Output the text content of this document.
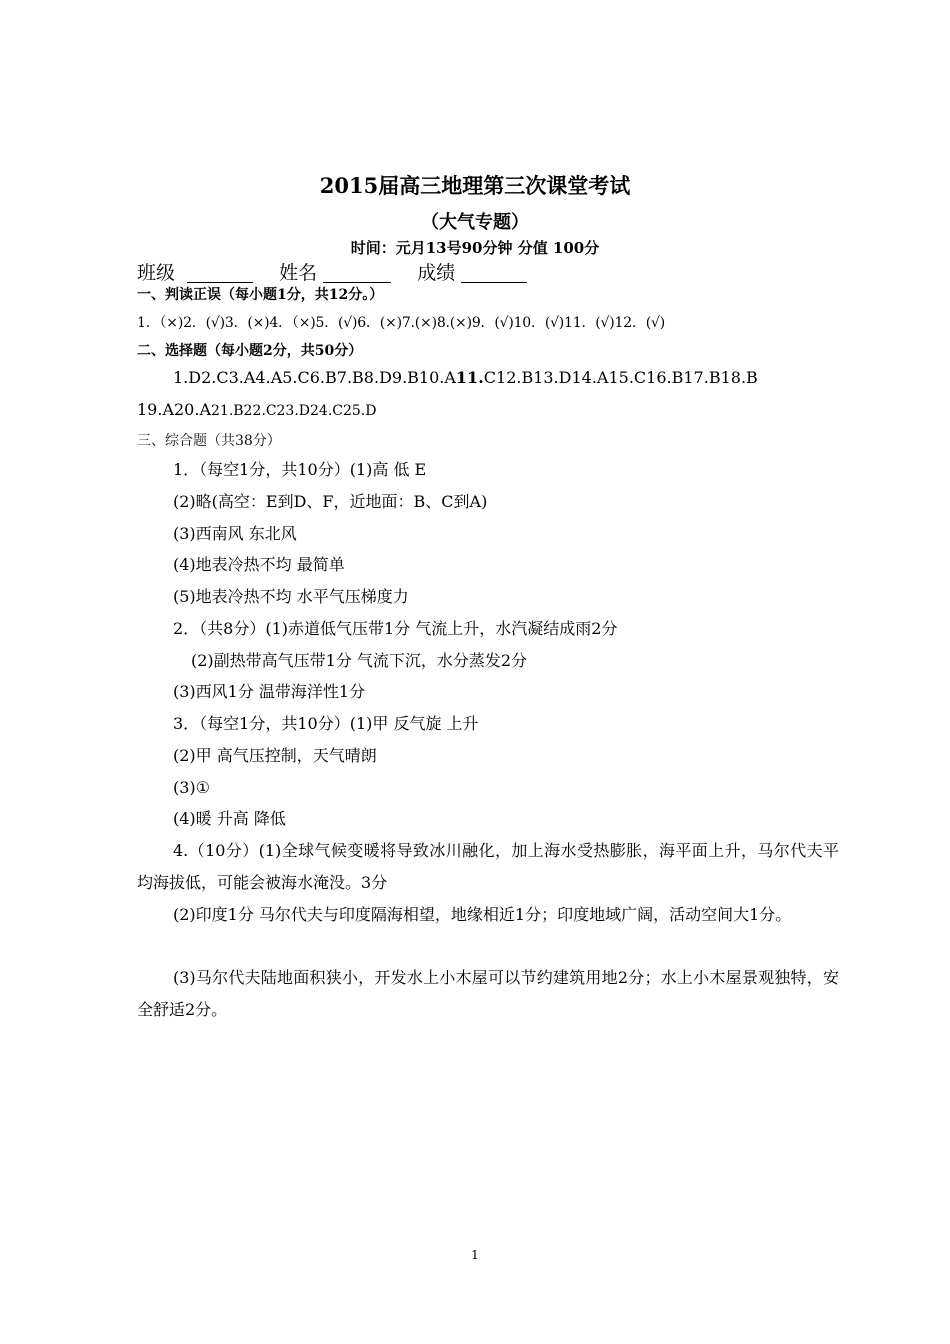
2015届高三地理第三次课堂考试
（大气专题）
时间：元月13号90分钟 分值 100分
班级	姓名	成绩
一、判读正误（每小题1分，共12分。）
1．（×)2．(√)3．(×)4．（×)5．(√)6．(×)7.(×)8.(×)9．(√)10．(√)11．(√)12．(√)
二、选择题（每小题2分，共50分）
1.D2.C3.A4.A5.C6.B7.B8.D9.B10.A11.C12.B13.D14.A15.C16.B17.B18.B
19.A20.A21.B22.C23.D24.C25.D
三、综合题（共38分）
1．（每空1分，共10分）(1)高 低 E
(2)略(高空：E到D、F，近地面：B、C到A)
(3)西南风 东北风
(4)地表冷热不均 最简单
(5)地表冷热不均 水平气压梯度力
2．（共8分）(1)赤道低气压带1分 气流上升，水汽凝结成雨2分
(2)副热带高气压带1分 气流下沉，水分蒸发2分
(3)西风1分 温带海洋性1分
3．（每空1分，共10分）(1)甲 反气旋 上升
(2)甲 高气压控制，天气晴朗
(3)①
(4)暖 升高 降低
4.（10分）(1)全球气候变暖将导致冰川融化，加上海水受热膨胀，海平面上升，马尔代夫平均海拔低，可能会被海水淹没。3分
(2)印度1分 马尔代夫与印度隔海相望，地缘相近1分；印度地域广阔，活动空间大1分。
(3)马尔代夫陆地面积狭小，开发水上小木屋可以节约建筑用地2分；水上小木屋景观独特，安全舒适2分。
1
